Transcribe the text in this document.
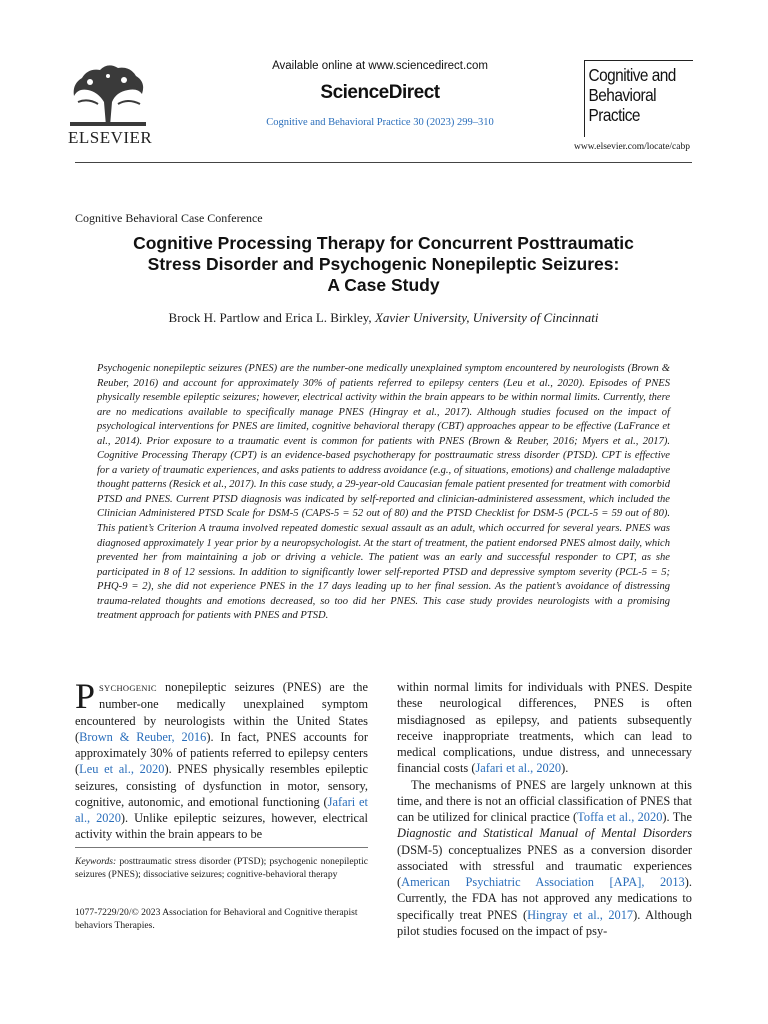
ELSEVIER
Available online at www.sciencedirect.com
ScienceDirect
Cognitive and Behavioral Practice 30 (2023) 299–310
Cognitive and
Behavioral
Practice
www.elsevier.com/locate/cabp
Cognitive Behavioral Case Conference
Cognitive Processing Therapy for Concurrent Posttraumatic
Stress Disorder and Psychogenic Nonepileptic Seizures:
A Case Study
Brock H. Partlow and Erica L. Birkley, Xavier University, University of Cincinnati
Psychogenic nonepileptic seizures (PNES) are the number-one medically unexplained symptom encountered by neurologists (Brown & Reuber, 2016) and account for approximately 30% of patients referred to epilepsy centers (Leu et al., 2020). Episodes of PNES physically resemble epileptic seizures; however, electrical activity within the brain appears to be within normal limits. Currently, there are no medications available to specifically manage PNES (Hingray et al., 2017). Although studies focused on the impact of psychological interventions for PNES are limited, cognitive behavioral therapy (CBT) approaches appear to be effective (LaFrance et al., 2014). Prior exposure to a traumatic event is common for patients with PNES (Brown & Reuber, 2016; Myers et al., 2017). Cognitive Processing Therapy (CPT) is an evidence-based psychotherapy for posttraumatic stress disorder (PTSD). CPT is effective for a variety of traumatic experiences, and asks patients to address avoidance (e.g., of situations, emotions) and challenge maladaptive thought patterns (Resick et al., 2017). In this case study, a 29-year-old Caucasian female patient presented for treatment with comorbid PTSD and PNES. Current PTSD diagnosis was indicated by self-reported and clinician-administered assessment, which included the Clinician Administered PTSD Scale for DSM-5 (CAPS-5 = 52 out of 80) and the PTSD Checklist for DSM-5 (PCL-5 = 59 out of 80). This patient’s Criterion A trauma involved repeated domestic sexual assault as an adult, which occurred for several years. PNES was diagnosed approximately 1 year prior by a neuropsychologist. At the start of treatment, the patient endorsed PNES almost daily, which prevented her from maintaining a job or driving a vehicle. The patient was an early and successful responder to CPT, as she participated in 8 of 12 sessions. In addition to significantly lower self-reported PTSD and depressive symptom severity (PCL-5 = 5; PHQ-9 = 2), she did not experience PNES in the 17 days leading up to her final session. As the patient’s avoidance of distressing trauma-related thoughts and emotions decreased, so too did her PNES. This case study provides neurologists with a promising treatment approach for patients with PNES and PTSD.
PSYCHOGENIC nonepileptic seizures (PNES) are the number-one medically unexplained symptom encountered by neurologists within the United States (Brown & Reuber, 2016). In fact, PNES accounts for approximately 30% of patients referred to epilepsy centers (Leu et al., 2020). PNES physically resembles epileptic seizures, consisting of dysfunction in motor, sensory, cognitive, autonomic, and emotional functioning (Jafari et al., 2020). Unlike epileptic seizures, however, electrical activity within the brain appears to be
Keywords: posttraumatic stress disorder (PTSD); psychogenic nonepileptic seizures (PNES); dissociative seizures; cognitive-behavioral therapy
1077-7229/20/© 2023 Association for Behavioral and Cognitive therapist behaviors Therapies.

within normal limits for individuals with PNES. Despite these neurological differences, PNES is often misdiagnosed as epilepsy, and patients subsequently receive inappropriate treatments, which can lead to medical complications, undue distress, and unnecessary financial costs (Jafari et al., 2020).

The mechanisms of PNES are largely unknown at this time, and there is not an official classification of PNES that can be utilized for clinical practice (Toffa et al., 2020). The Diagnostic and Statistical Manual of Mental Disorders (DSM-5) conceptualizes PNES as a conversion disorder associated with stressful and traumatic experiences (American Psychiatric Association [APA], 2013). Currently, the FDA has not approved any medications to specifically treat PNES (Hingray et al., 2017). Although pilot studies focused on the impact of psy-
